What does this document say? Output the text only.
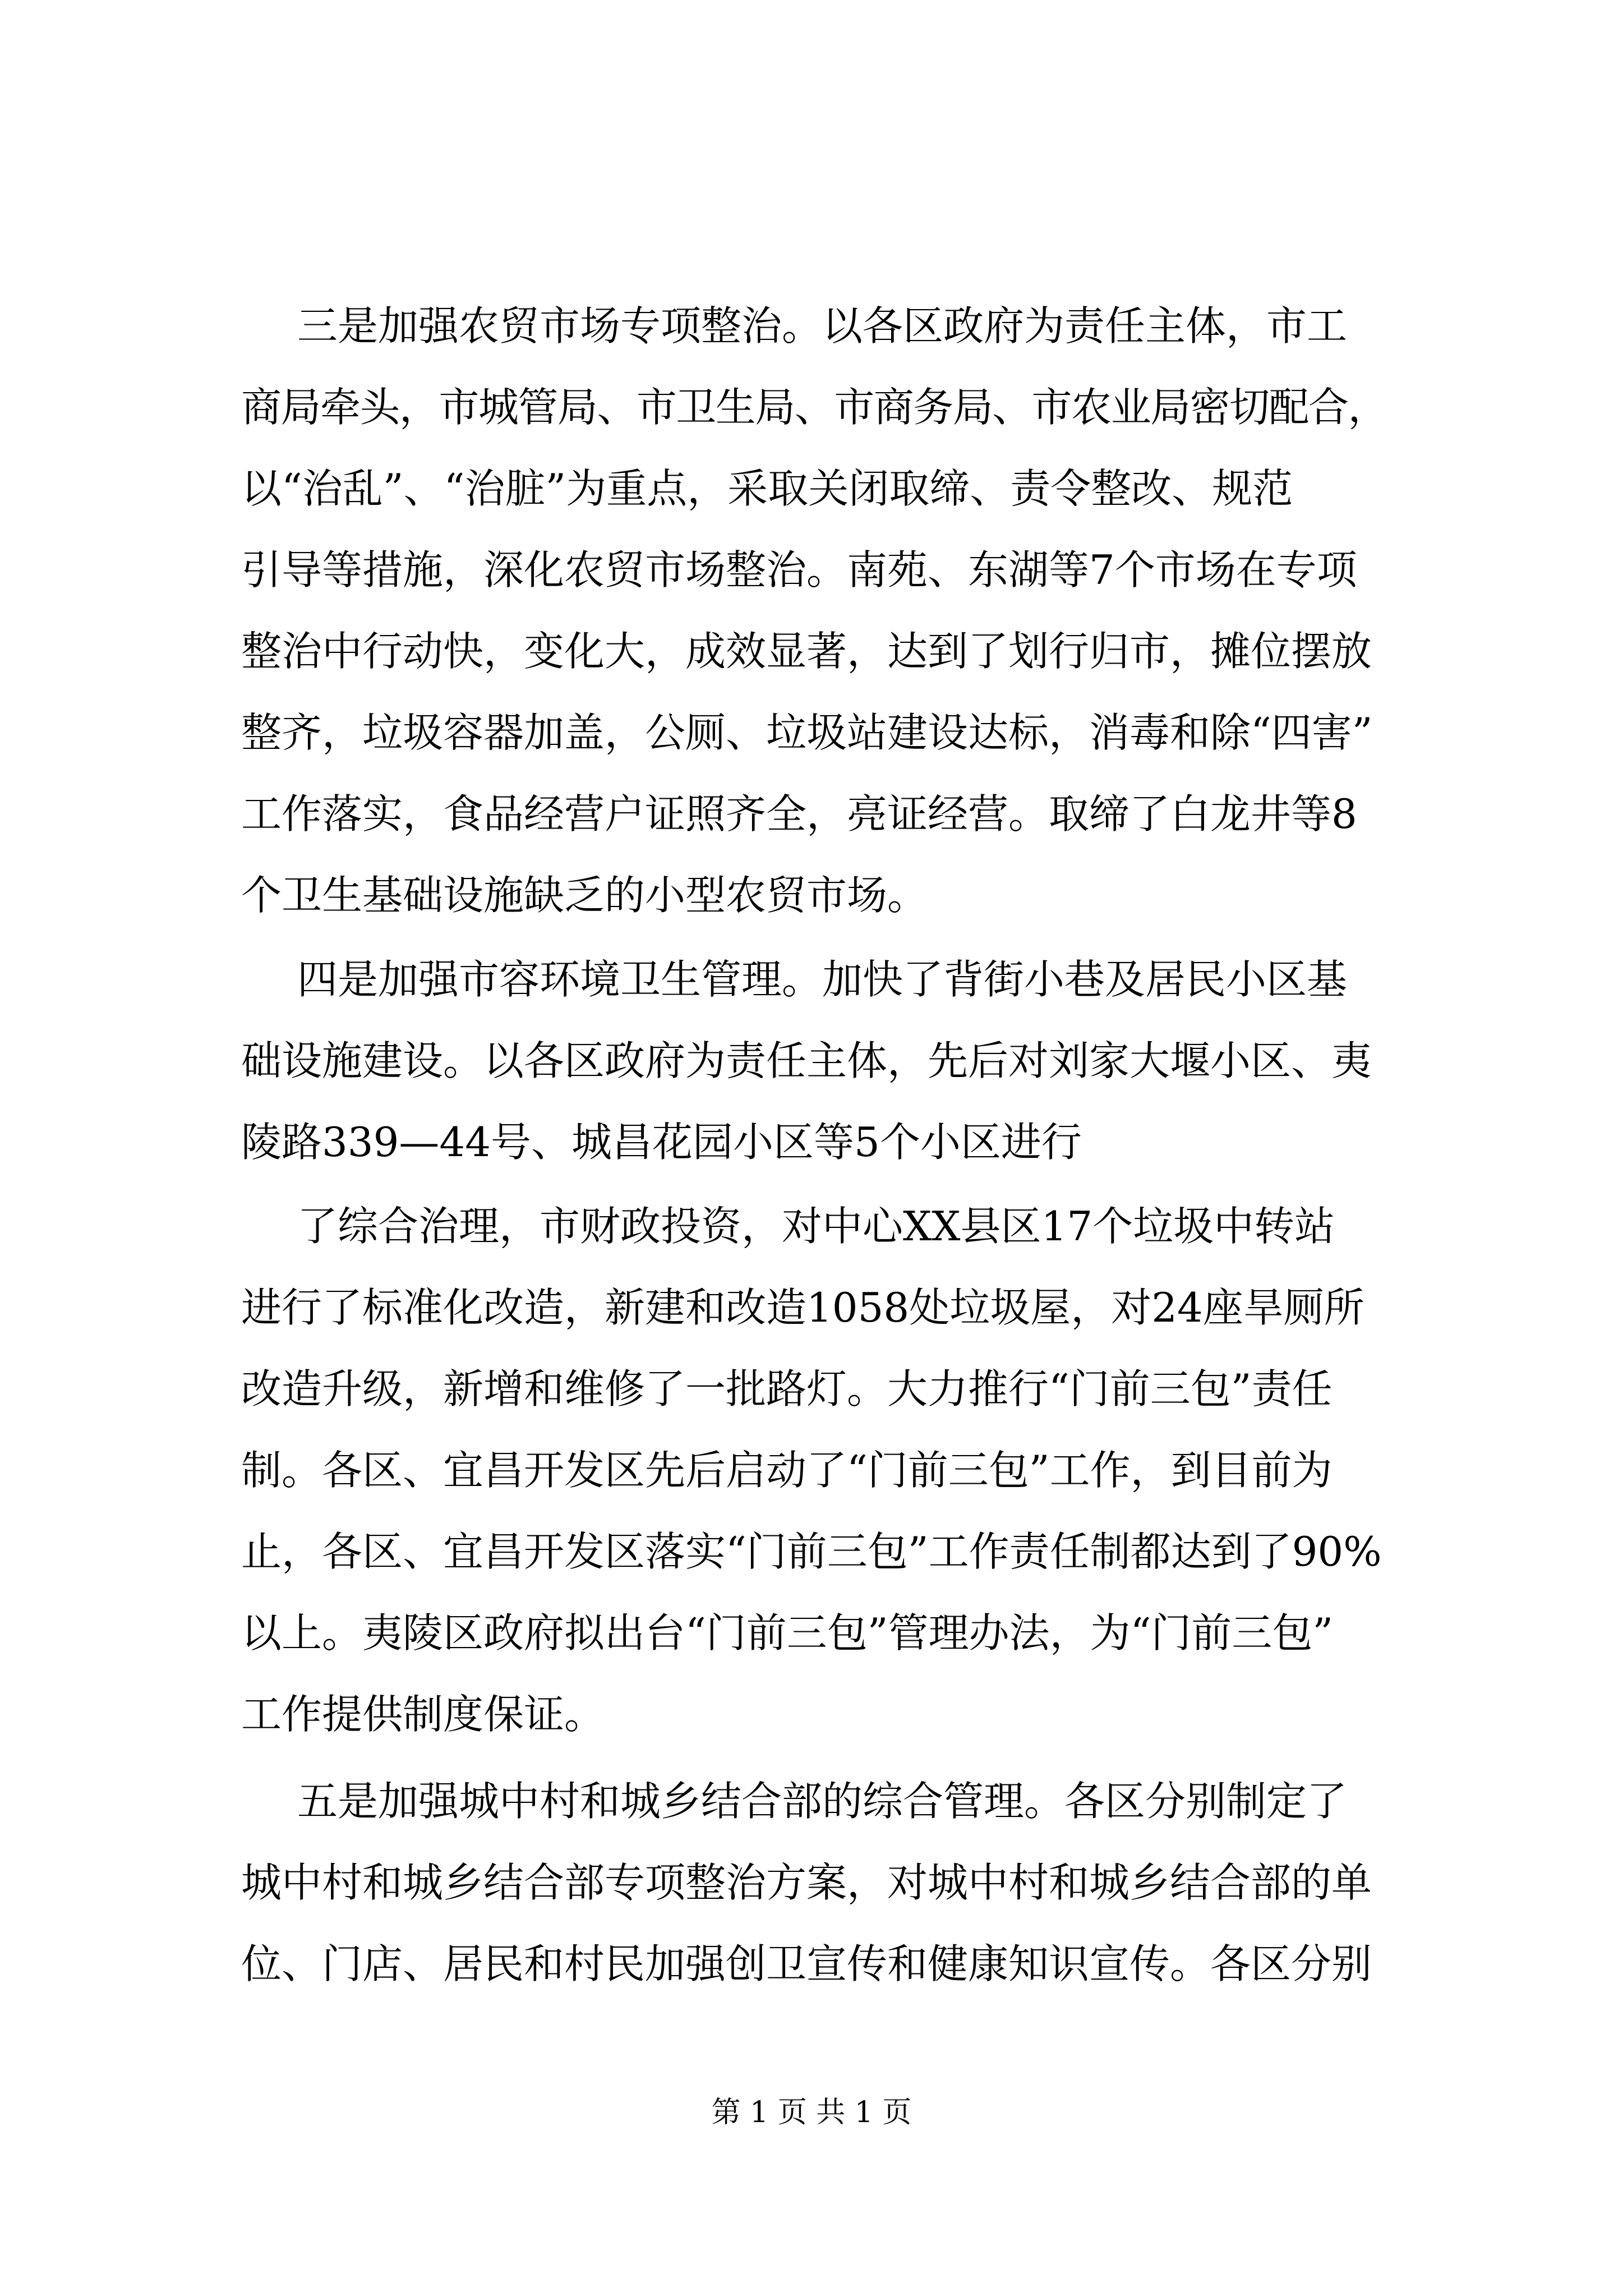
三是加强农贸市场专项整治。以各区政府为责任主体，市工
商局牵头，市城管局、市卫生局、市商务局、市农业局密切配合，
以“治乱”、“治脏”为重点，采取关闭取缔、责令整改、规范
引导等措施，深化农贸市场整治。南苑、东湖等7个市场在专项
整治中行动快，变化大，成效显著，达到了划行归市，摊位摆放
整齐，垃圾容器加盖，公厕、垃圾站建设达标，消毒和除“四害”
工作落实，食品经营户证照齐全，亮证经营。取缔了白龙井等8
个卫生基础设施缺乏的小型农贸市场。
四是加强市容环境卫生管理。加快了背街小巷及居民小区基
础设施建设。以各区政府为责任主体，先后对刘家大堰小区、夷
陵路339—44号、城昌花园小区等5个小区进行
了综合治理，市财政投资，对中心XX县区17个垃圾中转站
进行了标准化改造，新建和改造1058处垃圾屋，对24座旱厕所
改造升级，新增和维修了一批路灯。大力推行“门前三包”责任
制。各区、宜昌开发区先后启动了“门前三包”工作，到目前为
止，各区、宜昌开发区落实“门前三包”工作责任制都达到了90%
以上。夷陵区政府拟出台“门前三包”管理办法，为“门前三包”
工作提供制度保证。
五是加强城中村和城乡结合部的综合管理。各区分别制定了
城中村和城乡结合部专项整治方案，对城中村和城乡结合部的单
位、门店、居民和村民加强创卫宣传和健康知识宣传。各区分别
第 1 页 共 1 页
